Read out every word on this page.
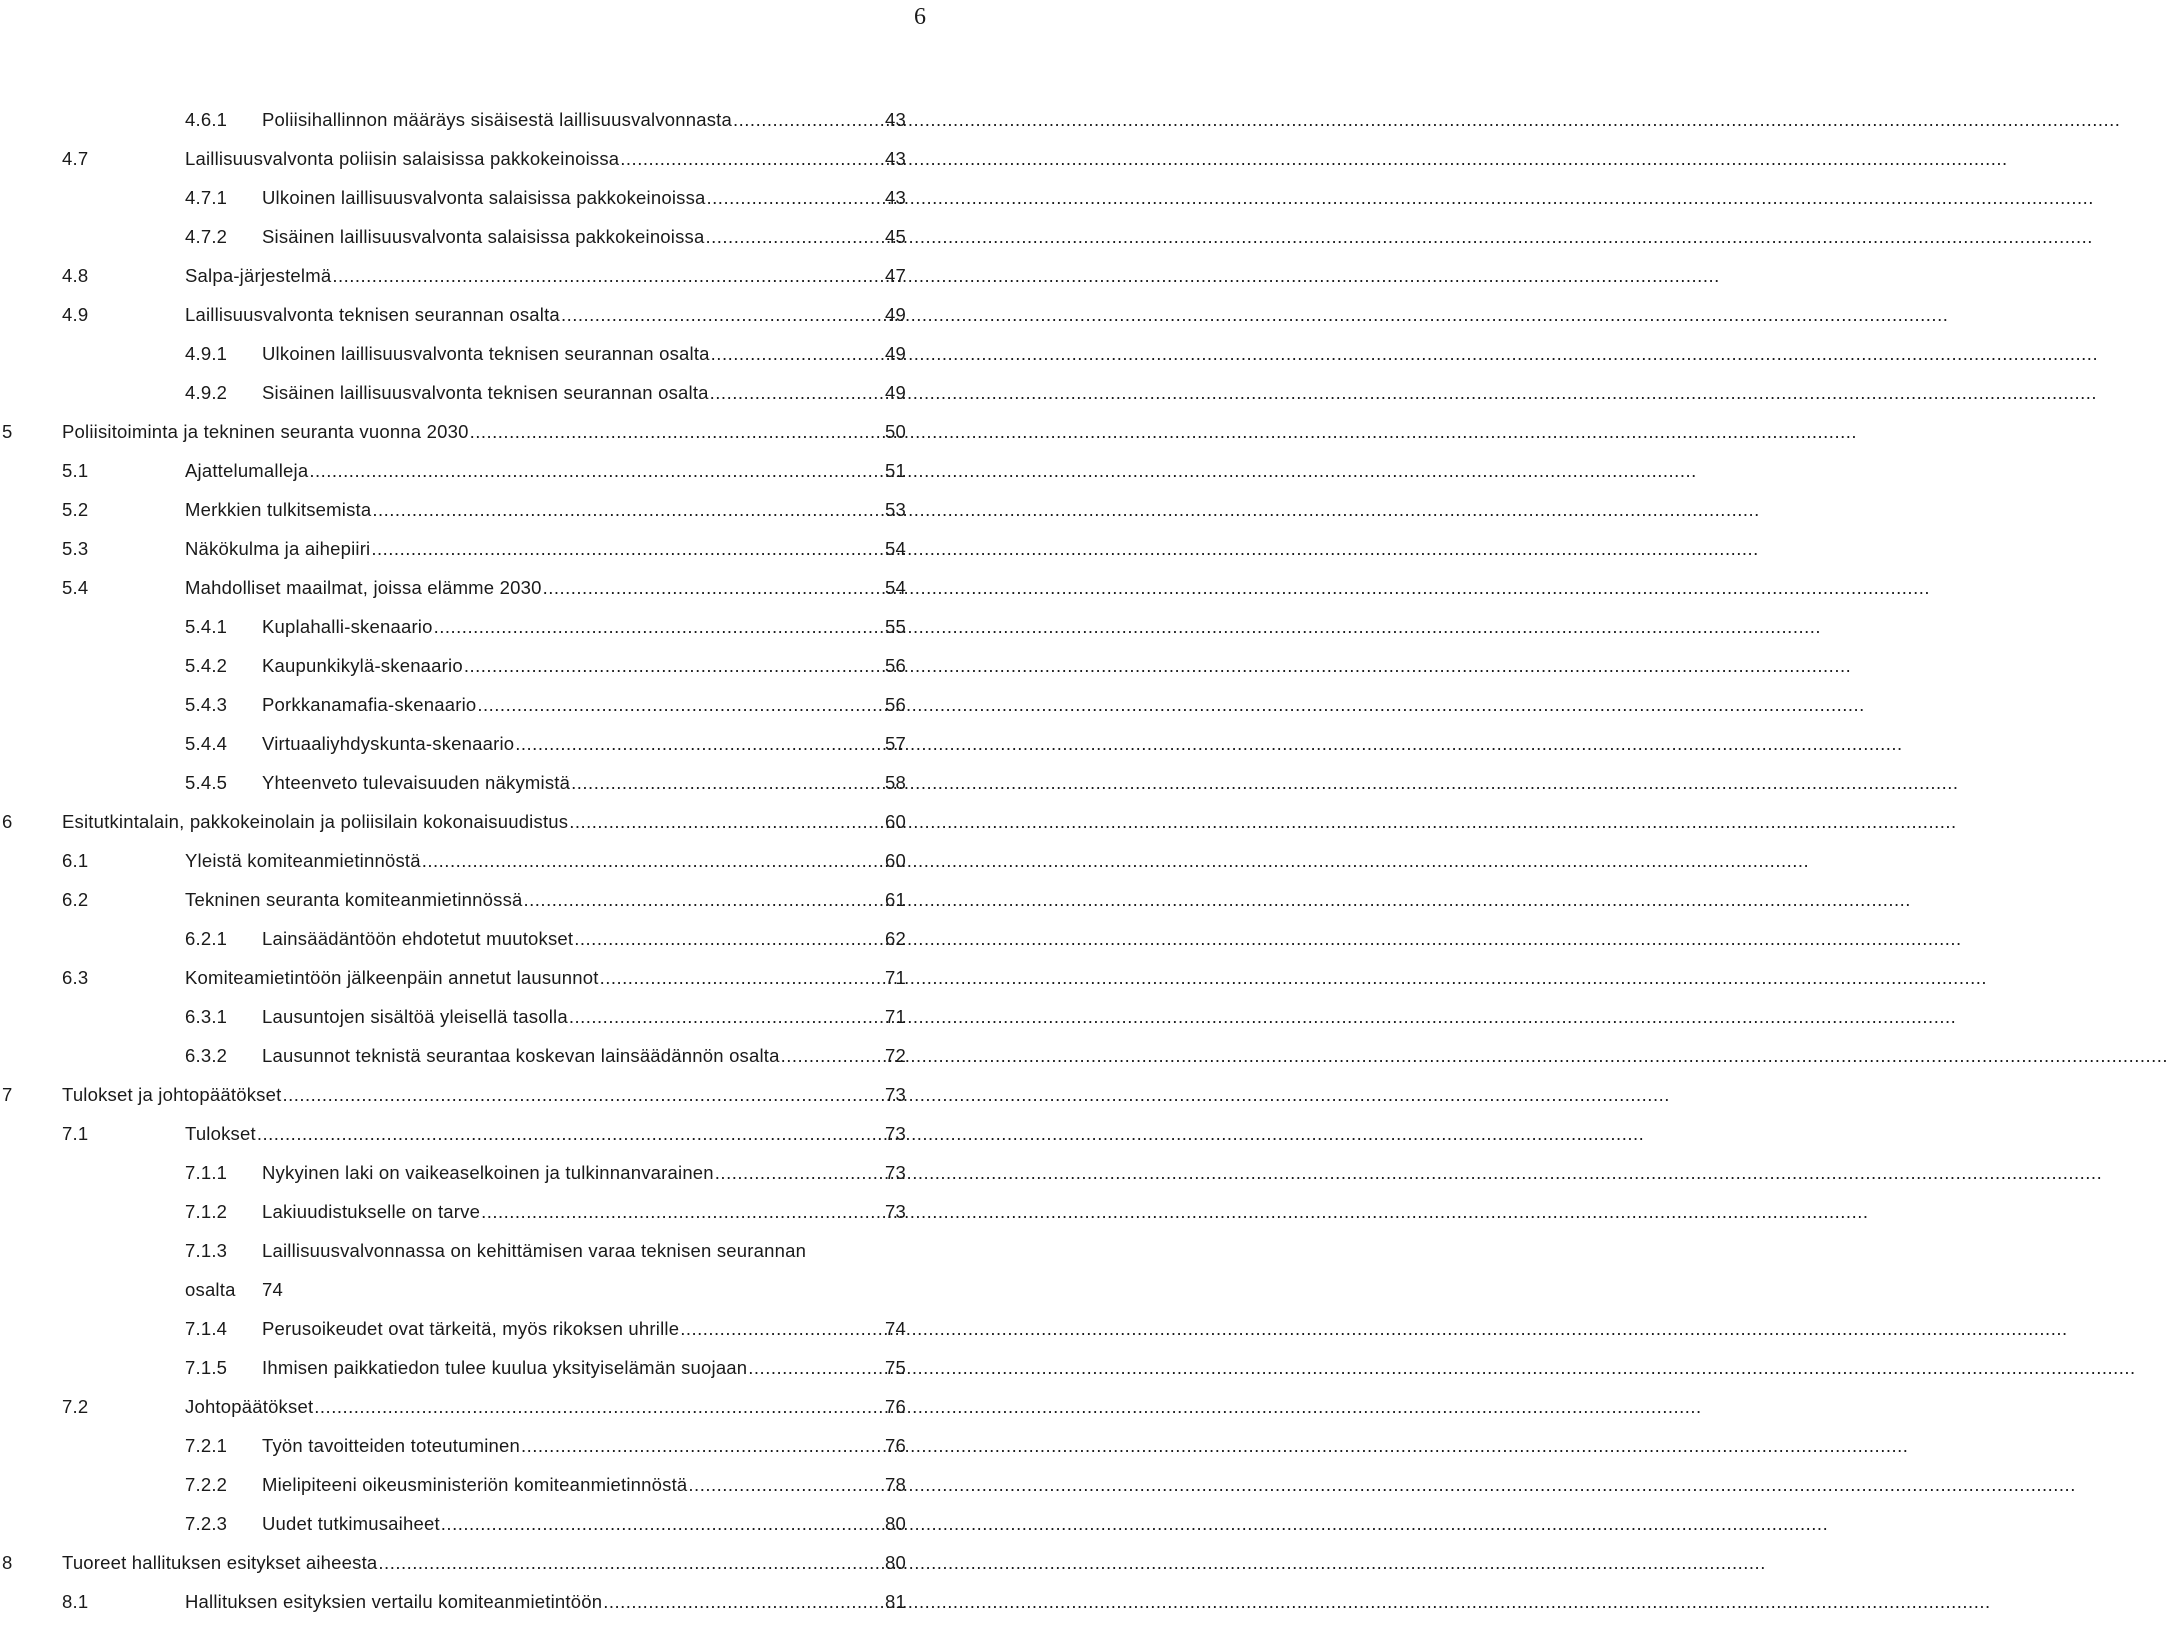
6
4.6.1 Poliisihallinnon määräys sisäisestä laillisuusvalvonnasta .....	43
4.7	Laillisuusvalvonta poliisin salaisissa pakkokeinoissa .....	43
4.7.1 Ulkoinen laillisuusvalvonta salaisissa pakkokeinoissa .....	43
4.7.2 Sisäinen laillisuusvalvonta salaisissa pakkokeinoissa .....	45
4.8	Salpa-järjestelmä .....	47
4.9	Laillisuusvalvonta teknisen seurannan osalta .....	49
4.9.1 Ulkoinen laillisuusvalvonta teknisen seurannan osalta .....	49
4.9.2 Sisäinen laillisuusvalvonta teknisen seurannan osalta .....	49
5	Poliisitoiminta ja tekninen seuranta vuonna 2030 .....	50
5.1	Ajattelumalleja .....	51
5.2	Merkkien tulkitsemista .....	53
5.3	Näkökulma ja aihepiiri .....	54
5.4	Mahdolliset maailmat, joissa elämme 2030 .....	54
5.4.1 Kuplahalli-skenaario .....	55
5.4.2 Kaupunkikylä-skenaario .....	56
5.4.3 Porkkanamafia-skenaario .....	56
5.4.4 Virtuaaliyhdyskunta-skenaario .....	57
5.4.5 Yhteenveto tulevaisuuden näkymistä .....	58
6	Esitutkintalain, pakkokeinolain ja poliisilain kokonaisuudistus .....	60
6.1	Yleistä komiteanmietinnöstä .....	60
6.2	Tekninen seuranta komiteanmietinnössä .....	61
6.2.1 Lainsäädäntöön ehdotetut muutokset .....	62
6.3	Komiteamietintöön jälkeenpäin annetut lausunnot .....	71
6.3.1 Lausuntojen sisältöä yleisellä tasolla .....	71
6.3.2 Lausunnot teknistä seurantaa koskevan lainsäädännön osalta .....	72
7	Tulokset ja johtopäätökset .....	73
7.1	Tulokset .....	73
7.1.1 Nykyinen laki on vaikeaselkoinen ja tulkinnanvarainen .....	73
7.1.2 Lakiuudistukselle on tarve .....	73
7.1.3 Laillisuusvalvonnassa on kehittämisen varaa teknisen seurannan
osalta 74
7.1.4 Perusoikeudet ovat tärkeitä, myös rikoksen uhrille .....	74
7.1.5 Ihmisen paikkatiedon tulee kuulua yksityiselämän suojaan .....	75
7.2	Johtopäätökset .....	76
7.2.1 Työn tavoitteiden toteutuminen .....	76
7.2.2 Mielipiteeni oikeusministeriön komiteanmietinnöstä .....	78
7.2.3 Uudet tutkimusaiheet .....	80
8	Tuoreet hallituksen esitykset aiheesta .....	80
8.1	Hallituksen esityksien vertailu komiteanmietintöön .....	81
